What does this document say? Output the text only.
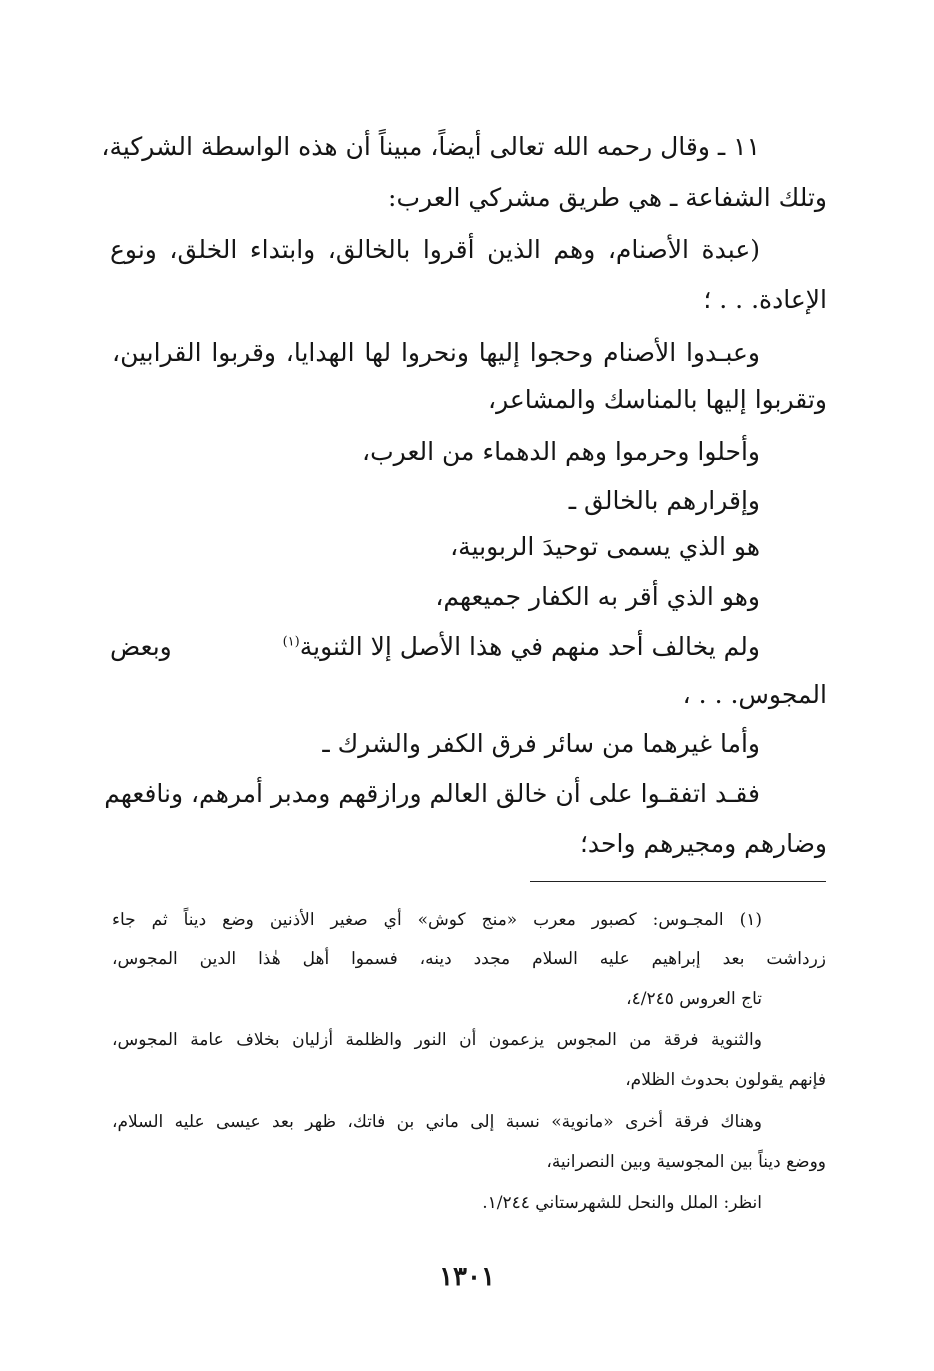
١١ ـ وقال رحمه الله تعالى أيضاً، مبيناً أن هذه الواسطة الشركية،
وتلك الشفاعة ـ هي طريق مشركي العرب:
(عبدة الأصنام، وهم الذين أقروا بالخالق، وابتداء الخلق، ونوع
الإعادة. . . ؛
وعبـدوا الأصنام وحجوا إليها ونحروا لها الهدايا، وقربوا القرابين،
وتقربوا إليها بالمناسك والمشاعر،
وأحلوا وحرموا وهم الدهماء من العرب،
وإقرارهم بالخالق ـ
هو الذي يسمى توحيدَ الربوبية،
وهو الذي أقر به الكفار جميعهم،
ولم يخالف أحد منهم في هذا الأصل إلا الثنوية$^{(١)}$
وبعض
المجوس. . . ،
وأما غيرهما من سائر فرق الكفر والشرك ـ
فقـد اتفقـوا على أن خالق العالم ورازقهم ومدبر أمرهم، ونافعهم
وضارهم ومجيرهم واحد؛
(١) المجـوس: كصبور معرب «منج كوش» أي صغير الأذنين وضع ديناً ثم جاء
زرداشت بعد إبراهيم عليه السلام مجدد دينه، فسموا أهل هٰذا الدين المجوس،
تاج العروس ٤/٢٤٥،
والثنوية فرقة من المجوس يزعمون أن النور والظلمة أزليان بخلاف عامة المجوس،
فإنهم يقولون بحدوث الظلام،
وهناك فرقة أخرى «مانوية» نسبة إلى ماني بن فاتك، ظهر بعد عيسى عليه السلام،
ووضع ديناً بين المجوسية وبين النصرانية،
انظر: الملل والنحل للشهرستاني ١/٢٤٤.
١٣٠١
